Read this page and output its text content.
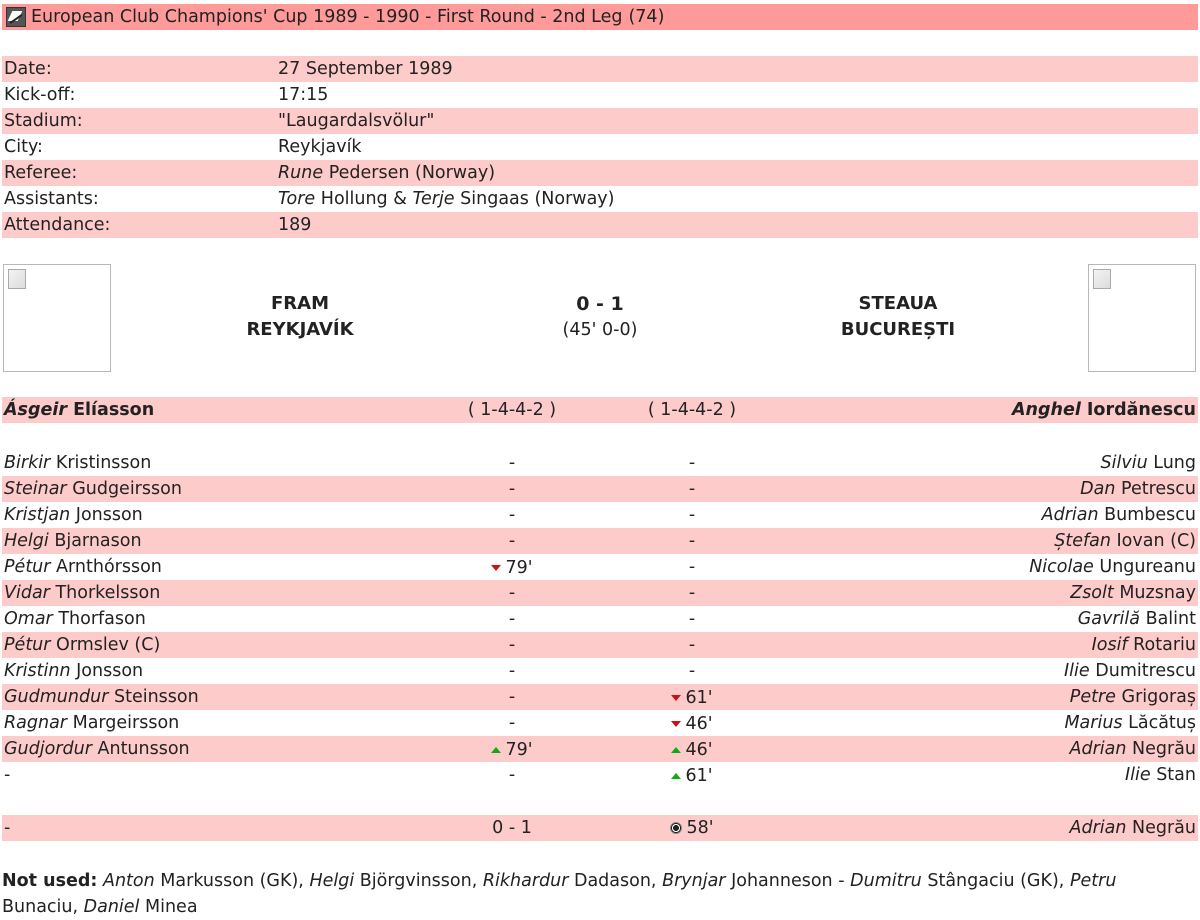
European Club Champions' Cup 1989 - 1990 - First Round - 2nd Leg (74)
Date:	27 September 1989
Kick-off:	17:15
Stadium:	"Laugardalsvölur"
City:	Reykjavík
Referee:	Rune Pedersen (Norway)
Assistants:	Tore Hollung & Terje Singaas (Norway)
Attendance:	189
FRAM
REYKJAVÍK
0 - 1
(45' 0-0)
STEAUA
BUCUREȘTI
Ásgeir Elíasson	( 1-4-4-2 )	( 1-4-4-2 )	Anghel Iordănescu
Birkir Kristinsson	-	-	Silviu Lung
Steinar Gudgeirsson	-	-	Dan Petrescu
Kristjan Jonsson	-	-	Adrian Bumbescu
Helgi Bjarnason	-	-	Ștefan Iovan (C)
Pétur Arnthórsson	79'	-	Nicolae Ungureanu
Vidar Thorkelsson	-	-	Zsolt Muzsnay
Omar Thorfason	-	-	Gavrilă Balint
Pétur Ormslev (C)	-	-	Iosif Rotariu
Kristinn Jonsson	-	-	Ilie Dumitrescu
Gudmundur Steinsson	-	61'	Petre Grigoraș
Ragnar Margeirsson	-	46'	Marius Lăcătuș
Gudjordur Antunsson	79'	46'	Adrian Negrău
-	-	61'	Ilie Stan
-	0 - 1	58'	Adrian Negrău
Not used: Anton Markusson (GK), Helgi Björgvinsson, Rikhardur Dadason, Brynjar Johanneson - Dumitru Stângaciu (GK), Petru Bunaciu, Daniel Minea
